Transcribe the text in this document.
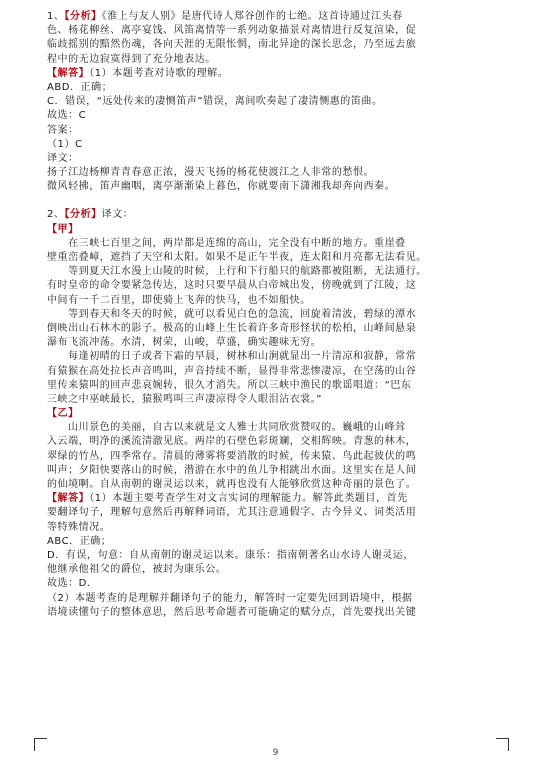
1、【分析】《淮上与友人别》是唐代诗人郑谷创作的七绝。这首诗通过江头春
色、杨花柳丝、离亭宴饯、风笛离情等一系列动象描景对离情进行反复渲染，促
临歧摇别的黯然伤魂，各向天涯的无限怅惘，南北异途的深长思念，乃至远去旅
程中的无边寂寞得到了充分地表达。
【解答】（1）本题考查对诗歌的理解。
ABD．正确；
C．错误，“远处传来的凄恻笛声”错误，离间吹奏起了凄清恻惠的笛曲。
故选：C
答案：
（1）C
译文：
扬子江边杨柳青青春意正浓，漫天飞扬的杨花使渡江之人非常的愁恨。
微风轻拂，笛声幽咽，离亭渐渐染上暮色，你就要南下潇湘我却奔向西秦。
2、【分析】译文：
【甲】
　　在三峡七百里之间，两岸都是连绵的高山，完全没有中断的地方。重崖叠
壁重峦叠嶂，遮挡了天空和太阳。如果不是正午半夜，连太阳和月亮都无法看见。
　　等到夏天江水漫上山陵的时候，上行和下行船只的航路都被阻断，无法通行。
有时皇帝的命令要紧急传达，这时只要早晨从白帝城出发，傍晚就到了江陵，这
中间有一千二百里，即使骑上飞奔的快马，也不如船快。
　　等到春天和冬天的时候，就可以看见白色的急流，回旋着清波，碧绿的潭水
倒映出山石林木的影子。极高的山峰上生长着许多奇形怪状的松柏，山峰间悬泉
瀑布飞流冲荡。水清，树荣，山峻，草盛，确实趣味无穷。
　　每逢初晴的日子或者下霜的早晨，树林和山涧就显出一片清凉和寂静，常常
有猿猴在高处拉长声音鸣叫，声音持续不断，显得非常悲惨凄凉，在空荡的山谷
里传来猿叫的回声悲哀婉转，很久才消失。所以三峡中渔民的歌谣唱道：“巴东
三峡之中巫峡最长，猿猴鸣叫三声凄凉得令人眼泪沾衣裳。”
【乙】
　　山川景色的美丽，自古以来就是文人雅士共同欣赏赞叹的。巍峨的山峰耸
入云端，明净的溪流清澈见底。两岸的石壁色彩斑斓，交相辉映。青葱的林木，
翠绿的竹丛，四季常存。清晨的薄雾将要消散的时候，传来猿、鸟此起彼伏的鸣
叫声；夕阳快要落山的时候，潜游在水中的鱼儿争相跳出水面。这里实在是人间
的仙境啊。自从南朝的谢灵运以来，就再也没有人能够欣赏这种奇丽的景色了。
【解答】（1）本题主要考查学生对文言实词的理解能力。解答此类题目，首先
要翻译句子，理解句意然后再解释词语，尤其注意通假字、古今异义、词类活用
等特殊情况。
ABC．正确；
D．有误，句意：自从南朝的谢灵运以来。康乐：指南朝著名山水诗人谢灵运，
他继承他祖父的爵位，被封为康乐公。
故选：D．
（2）本题考查的是理解并翻译句子的能力，解答时一定要先回到语境中，根据
语境读懂句子的整体意思，然后思考命题者可能确定的赋分点，首先要找出关键
9
